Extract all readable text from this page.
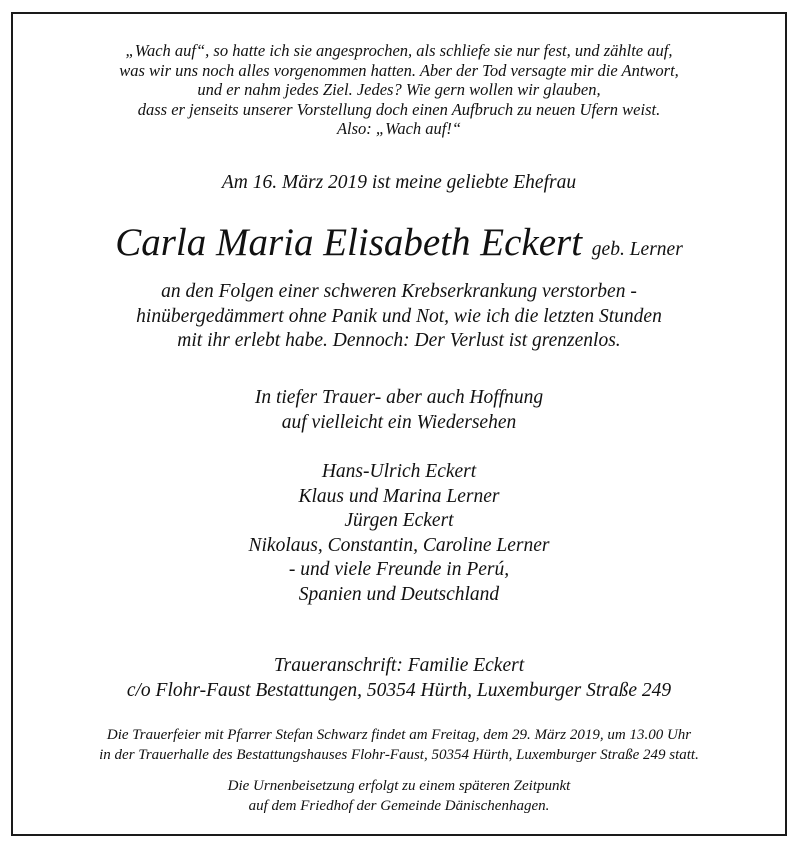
„Wach auf“, so hatte ich sie angesprochen, als schliefe sie nur fest, und zählte auf,
was wir uns noch alles vorgenommen hatten. Aber der Tod versagte mir die Antwort,
und er nahm jedes Ziel. Jedes? Wie gern wollen wir glauben,
dass er jenseits unserer Vorstellung doch einen Aufbruch zu neuen Ufern weist.
Also: „Wach auf!“
Am 16. März 2019 ist meine geliebte Ehefrau
Carla Maria Elisabeth Eckert geb. Lerner
an den Folgen einer schweren Krebserkrankung verstorben -
hinübergedämmert ohne Panik und Not, wie ich die letzten Stunden
mit ihr erlebt habe. Dennoch: Der Verlust ist grenzenlos.
In tiefer Trauer- aber auch Hoffnung
auf vielleicht ein Wiedersehen
Hans-Ulrich Eckert
Klaus und Marina Lerner
Jürgen Eckert
Nikolaus, Constantin, Caroline Lerner
- und viele Freunde in Perú,
Spanien und Deutschland
Traueranschrift: Familie Eckert
c/o Flohr-Faust Bestattungen, 50354 Hürth, Luxemburger Straße 249
Die Trauerfeier mit Pfarrer Stefan Schwarz findet am Freitag, dem 29. März 2019, um 13.00 Uhr
in der Trauerhalle des Bestattungshauses Flohr-Faust, 50354 Hürth, Luxemburger Straße 249 statt.
Die Urnenbeisetzung erfolgt zu einem späteren Zeitpunkt
auf dem Friedhof der Gemeinde Dänischenhagen.
